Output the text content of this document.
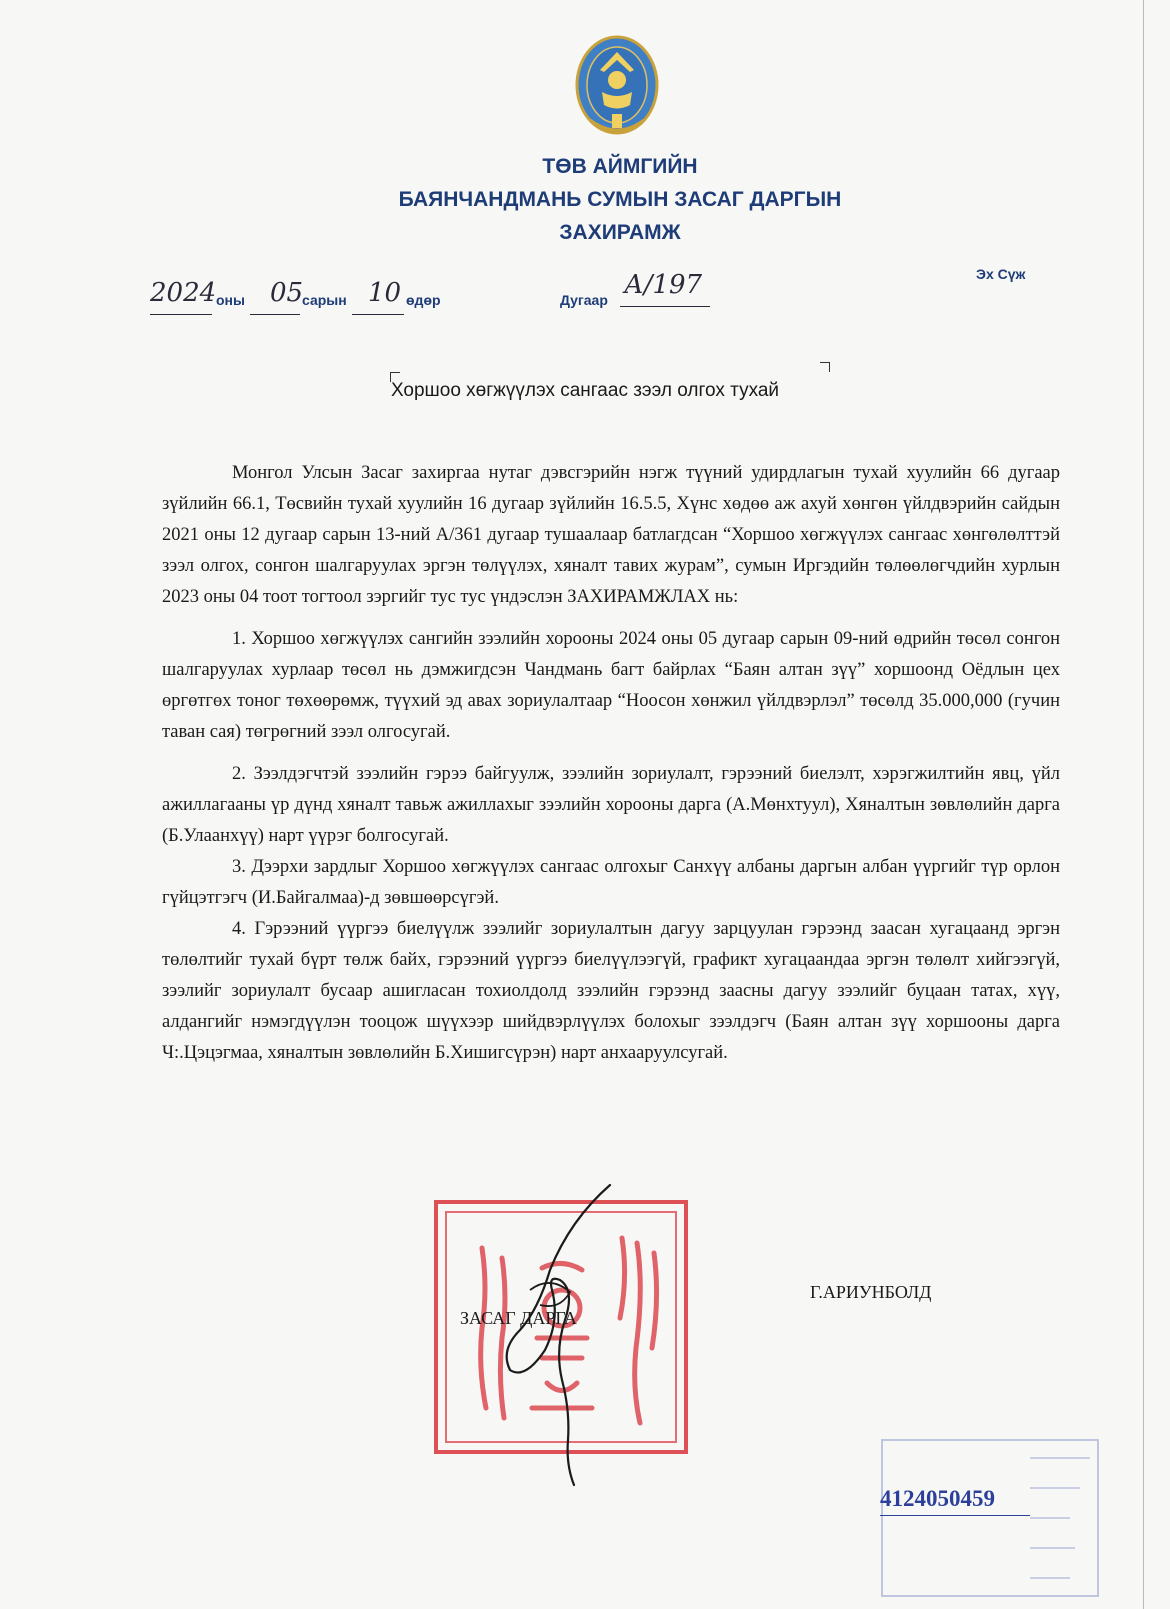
ТӨВ АЙМГИЙН
БАЯНЧАНДМАНЬ СУМЫН ЗАСАГ ДАРГЫН
ЗАХИРАМЖ
2024 оны 05
сарын 10 өдөр	Дугаар А/197	Эх Сүж
Хоршоо хөгжүүлэх сангаас зээл олгох тухай

Монгол Улсын Засаг захиргаа нутаг дэвсгэрийн нэгж түүний удирдлагын тухай хуулийн 66 дугаар зүйлийн 66.1, Төсвийн тухай хуулийн 16 дугаар зүйлийн 16.5.5, Хүнс хөдөө аж ахуй хөнгөн үйлдвэрийн сайдын 2021 оны 12 дугаар сарын 13-ний А/361 дугаар тушаалаар батлагдсан “Хоршоо хөгжүүлэх сангаас хөнгөлөлттэй зээл олгох, сонгон шалгаруулах эргэн төлүүлэх, хяналт тавих журам”, сумын Иргэдийн төлөөлөгчдийн хурлын 2023 оны 04 тоот тогтоол зэргийг тус тус үндэслэн ЗАХИРАМЖЛАХ нь:

1. Хоршоо хөгжүүлэх сангийн зээлийн хорооны 2024 оны 05 дугаар сарын 09-ний өдрийн төсөл сонгон шалгаруулах хурлаар төсөл нь дэмжигдсэн Чандмань багт байрлах “Баян алтан зүү” хоршоонд Оёдлын цех өргөтгөх тоног төхөөрөмж, түүхий эд авах зориулалтаар “Ноосон хөнжил үйлдвэрлэл” төсөлд 35.000,000 (гучин таван сая) төгрөгний зээл олгосугай.

2. Зээлдэгчтэй зээлийн гэрээ байгуулж, зээлийн зориулалт, гэрээний биелэлт, хэрэгжилтийн явц, үйл ажиллагааны үр дүнд хяналт тавьж ажиллахыг зээлийн хорооны дарга (А.Мөнхтуул), Хяналтын зөвлөлийн дарга (Б.Улаанхүү) нарт үүрэг болгосугай.

3. Дээрхи зардлыг Хоршоо хөгжүүлэх сангаас олгохыг Санхүү албаны даргын албан үүргийг түр орлон гүйцэтгэгч (И.Байгалмаа)-д зөвшөөрсүгэй.

4. Гэрээний үүргээ биелүүлж зээлийг зориулалтын дагуу зарцуулан гэрээнд заасан хугацаанд эргэн төлөлтийг тухай бүрт төлж байх, гэрээний үүргээ биелүүлээгүй, графикт хугацаандаа эргэн төлөлт хийгээгүй, зээлийг зориулалт бусаар ашигласан тохиолдолд зээлийн гэрээнд заасны дагуу зээлийг буцаан татах, хүү, алдангийг нэмэгдүүлэн тооцож шүүхээр шийдвэрлүүлэх болохыг зээлдэгч (Баян алтан зүү хоршооны дарга Ч:.Цэцэгмаа, хяналтын зөвлөлийн Б.Хишигсүрэн) нарт анхааруулсугай.

ЗАСАГ ДАРГА
Г.АРИУНБОЛД
4124050459
